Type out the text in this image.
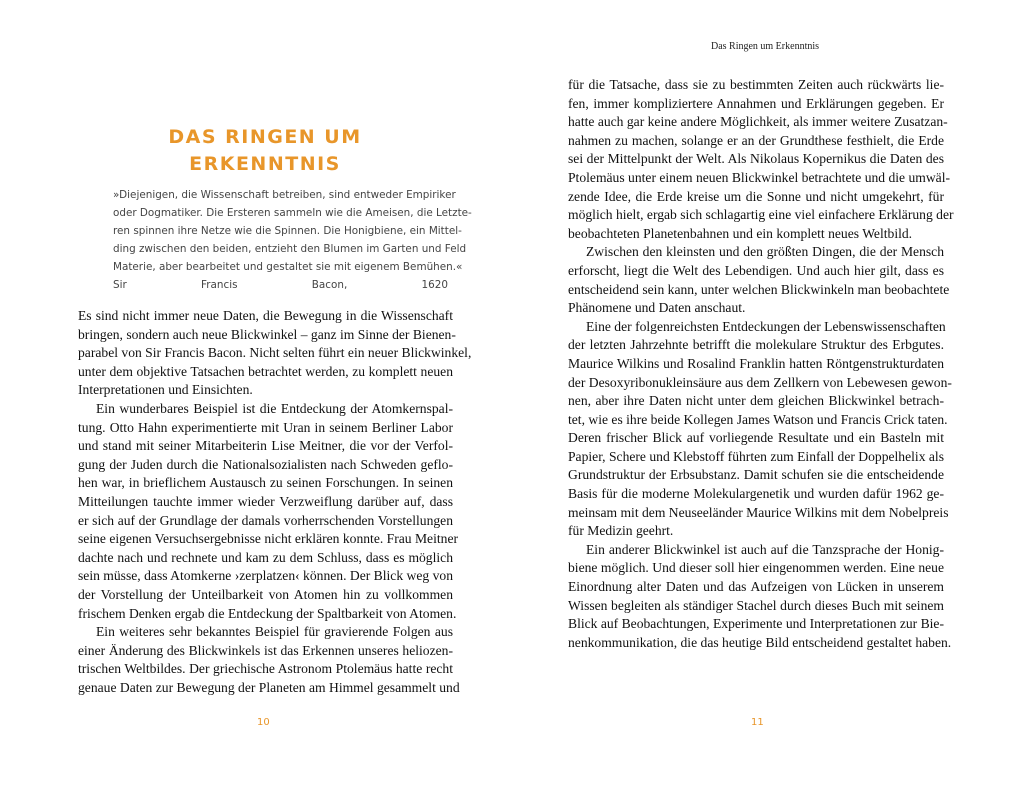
DAS RINGEN UM
ERKENNTNIS
»Diejenigen, die Wissenschaft betreiben, sind entweder Empiriker
oder Dogmatiker. Die Ersteren sammeln wie die Ameisen, die Letzte-
ren spinnen ihre Netze wie die Spinnen. Die Honigbiene, ein Mittel-
ding zwischen den beiden, entzieht den Blumen im Garten und Feld
Materie, aber bearbeitet und gestaltet sie mit eigenem Bemühen.«
Sir Francis Bacon, 1620
Es sind nicht immer neue Daten, die Bewegung in die Wissenschaft
bringen, sondern auch neue Blickwinkel – ganz im Sinne der Bienen-
parabel von Sir Francis Bacon. Nicht selten führt ein neuer Blickwinkel,
unter dem objektive Tatsachen betrachtet werden, zu komplett neuen
Interpretationen und Einsichten.
Ein wunderbares Beispiel ist die Entdeckung der Atomkernspal-
tung. Otto Hahn experimentierte mit Uran in seinem Berliner Labor
und stand mit seiner Mitarbeiterin Lise Meitner, die vor der Verfol-
gung der Juden durch die Nationalsozialisten nach Schweden geflo-
hen war, in brieflichem Austausch zu seinen Forschungen. In seinen
Mitteilungen tauchte immer wieder Verzweiflung darüber auf, dass
er sich auf der Grundlage der damals vorherrschenden Vorstellungen
seine eigenen Versuchsergebnisse nicht erklären konnte. Frau Meitner
dachte nach und rechnete und kam zu dem Schluss, dass es möglich
sein müsse, dass Atomkerne ›zerplatzen‹ können. Der Blick weg von
der Vorstellung der Unteilbarkeit von Atomen hin zu vollkommen
frischem Denken ergab die Entdeckung der Spaltbarkeit von Atomen.
Ein weiteres sehr bekanntes Beispiel für gravierende Folgen aus
einer Änderung des Blickwinkels ist das Erkennen unseres heliozen-
trischen Weltbildes. Der griechische Astronom Ptolemäus hatte recht
genaue Daten zur Bewegung der Planeten am Himmel gesammelt und
10
Das Ringen um Erkenntnis
für die Tatsache, dass sie zu bestimmten Zeiten auch rückwärts lie-
fen, immer kompliziertere Annahmen und Erklärungen gegeben. Er
hatte auch gar keine andere Möglichkeit, als immer weitere Zusatzan-
nahmen zu machen, solange er an der Grundthese festhielt, die Erde
sei der Mittelpunkt der Welt. Als Nikolaus Kopernikus die Daten des
Ptolemäus unter einem neuen Blickwinkel betrachtete und die umwäl-
zende Idee, die Erde kreise um die Sonne und nicht umgekehrt, für
möglich hielt, ergab sich schlagartig eine viel einfachere Erklärung der
beobachteten Planetenbahnen und ein komplett neues Weltbild.
Zwischen den kleinsten und den größten Dingen, die der Mensch
erforscht, liegt die Welt des Lebendigen. Und auch hier gilt, dass es
entscheidend sein kann, unter welchen Blickwinkeln man beobachtete
Phänomene und Daten anschaut.
Eine der folgenreichsten Entdeckungen der Lebenswissenschaften
der letzten Jahrzehnte betrifft die molekulare Struktur des Erbgutes.
Maurice Wilkins und Rosalind Franklin hatten Röntgenstrukturdaten
der Desoxyribonukleinsäure aus dem Zellkern von Lebewesen gewon-
nen, aber ihre Daten nicht unter dem gleichen Blickwinkel betrach-
tet, wie es ihre beide Kollegen James Watson und Francis Crick taten.
Deren frischer Blick auf vorliegende Resultate und ein Basteln mit
Papier, Schere und Klebstoff führten zum Einfall der Doppelhelix als
Grundstruktur der Erbsubstanz. Damit schufen sie die entscheidende
Basis für die moderne Molekulargenetik und wurden dafür 1962 ge-
meinsam mit dem Neuseeländer Maurice Wilkins mit dem Nobelpreis
für Medizin geehrt.
Ein anderer Blickwinkel ist auch auf die Tanzsprache der Honig-
biene möglich. Und dieser soll hier eingenommen werden. Eine neue
Einordnung alter Daten und das Aufzeigen von Lücken in unserem
Wissen begleiten als ständiger Stachel durch dieses Buch mit seinem
Blick auf Beobachtungen, Experimente und Interpretationen zur Bie-
nenkommunikation, die das heutige Bild entscheidend gestaltet haben.
11
